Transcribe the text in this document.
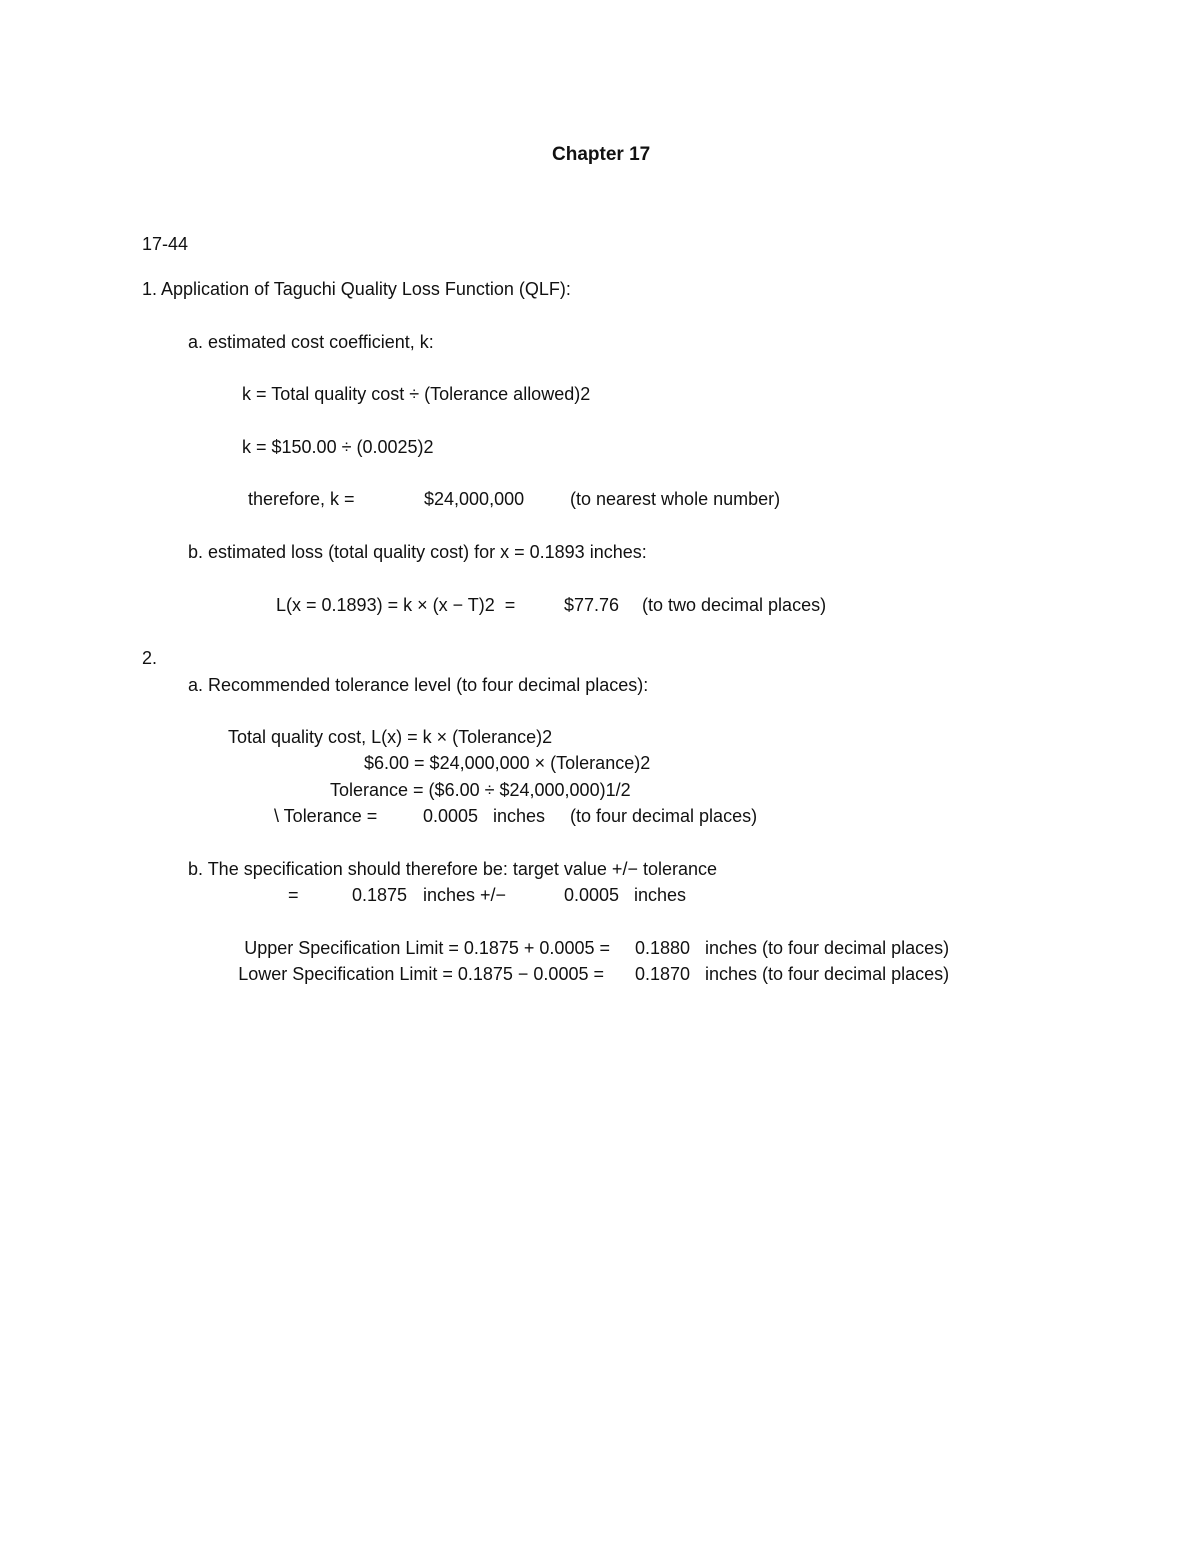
Chapter 17
17-44
1. Application of Taguchi Quality Loss Function (QLF):
a. estimated cost coefficient, k:
k = Total quality cost ÷ (Tolerance allowed)2
k = $150.00 ÷ (0.0025)2
therefore, k =	$24,000,000	(to nearest whole number)
b. estimated loss (total quality cost) for x = 0.1893 inches:
L(x = 0.1893) = k × (x − T)2  =	$77.76 (to two decimal places)
2.
a. Recommended tolerance level (to four decimal places):
Total quality cost, L(x) = k × (Tolerance)2
$6.00 = $24,000,000 × (Tolerance)2
Tolerance = ($6.00 ÷ $24,000,000)1/2
\ Tolerance =	0.0005 inches (to four decimal places)
b. The specification should therefore be: target value +/− tolerance
=	0.1875 inches +/−	0.0005 inches
Upper Specification Limit = 0.1875 + 0.0005 = 0.1880 inches (to four decimal places)
Lower Specification Limit = 0.1875 − 0.0005 = 0.1870 inches (to four decimal places)
